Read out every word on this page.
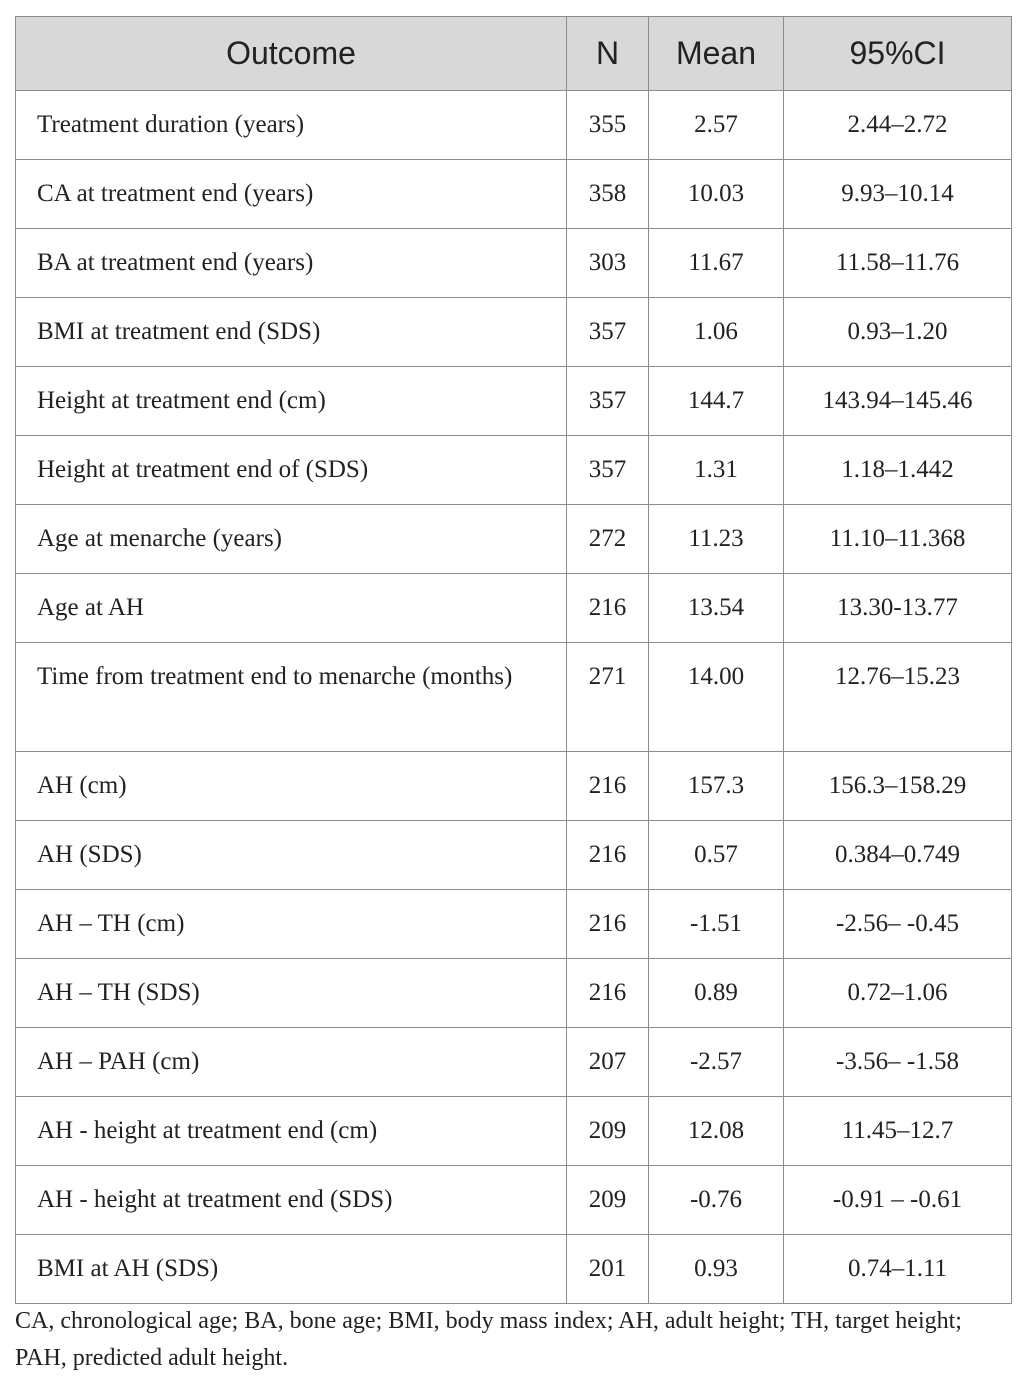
Outcome	N	Mean	95%CI
Treatment duration (years)	355	2.57	2.44–2.72
CA at treatment end (years)	358	10.03	9.93–10.14
BA at treatment end (years)	303	11.67	11.58–11.76
BMI at treatment end (SDS)	357	1.06	0.93–1.20
Height at treatment end (cm)	357	144.7	143.94–145.46
Height at treatment end of (SDS)	357	1.31	1.18–1.442
Age at menarche (years)	272	11.23	11.10–11.368
Age at AH	216	13.54	13.30-13.77
Time from treatment end to menarche (months)	271	14.00	12.76–15.23
AH (cm)	216	157.3	156.3–158.29
AH (SDS)	216	0.57	0.384–0.749
AH – TH (cm)	216	-1.51	-2.56– -0.45
AH – TH (SDS)	216	0.89	0.72–1.06
AH – PAH (cm)	207	-2.57	-3.56– -1.58
AH - height at treatment end (cm)	209	12.08	11.45–12.7
AH - height at treatment end (SDS)	209	-0.76	-0.91 – -0.61
BMI at AH (SDS)	201	0.93	0.74–1.11
CA, chronological age; BA, bone age; BMI, body mass index; AH, adult height; TH, target height; PAH, predicted adult height.
